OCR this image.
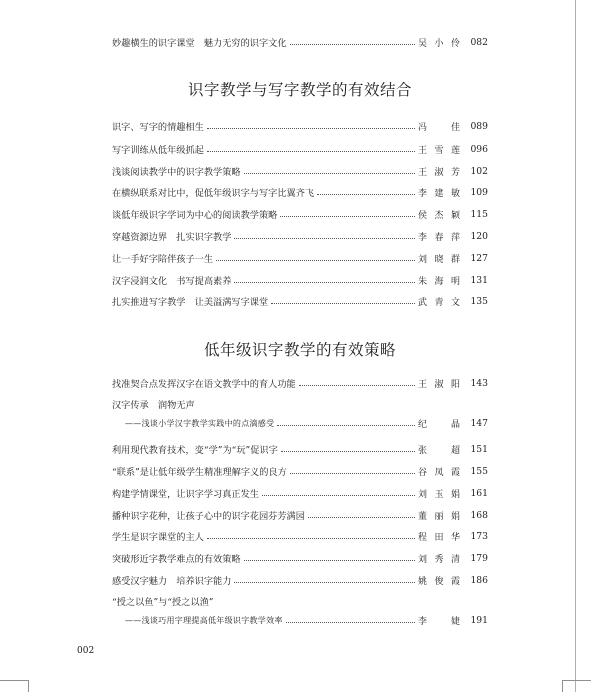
妙趣横生的识字课堂　魅力无穷的识字文化	吴小伶 082
识字教学与写字教学的有效结合
识字、写字的情趣相生	冯　佳 089
写字训练从低年级抓起	王雪莲 096
浅谈阅读教学中的识字教学策略	王淑芳 102
在横纵联系对比中，促低年级识字与写字比翼齐飞	李建敏 109
谈低年级识字学词为中心的阅读教学策略	侯杰颖 115
穿越资源边界　扎实识字教学	李春萍 120
让一手好字陪伴孩子一生	刘晓群 127
汉字浸润文化　书写提高素养	朱海明 131
扎实推进写字教学　让美溢满写字课堂	武青文 135
低年级识字教学的有效策略
找准契合点发挥汉字在语文教学中的育人功能	王淑阳 143
汉字传承　润物无声
——浅谈小学汉字教学实践中的点滴感受	纪　晶 147
利用现代教育技术，变“学”为“玩”促识字	张　超 151
“联系”是让低年级学生精准理解字义的良方	谷凤霞 155
构建学情课堂，让识字学习真正发生	刘玉娟 161
播种识字花种，让孩子心中的识字花园芬芳满园	董丽娟 168
学生是识字课堂的主人	程田华 173
突破形近字教学难点的有效策略	刘秀清 179
感受汉字魅力　培养识字能力	姚俊霞 186
“授之以鱼”与“授之以渔”
——浅谈巧用字理提高低年级识字教学效率	李　婕 191
002
